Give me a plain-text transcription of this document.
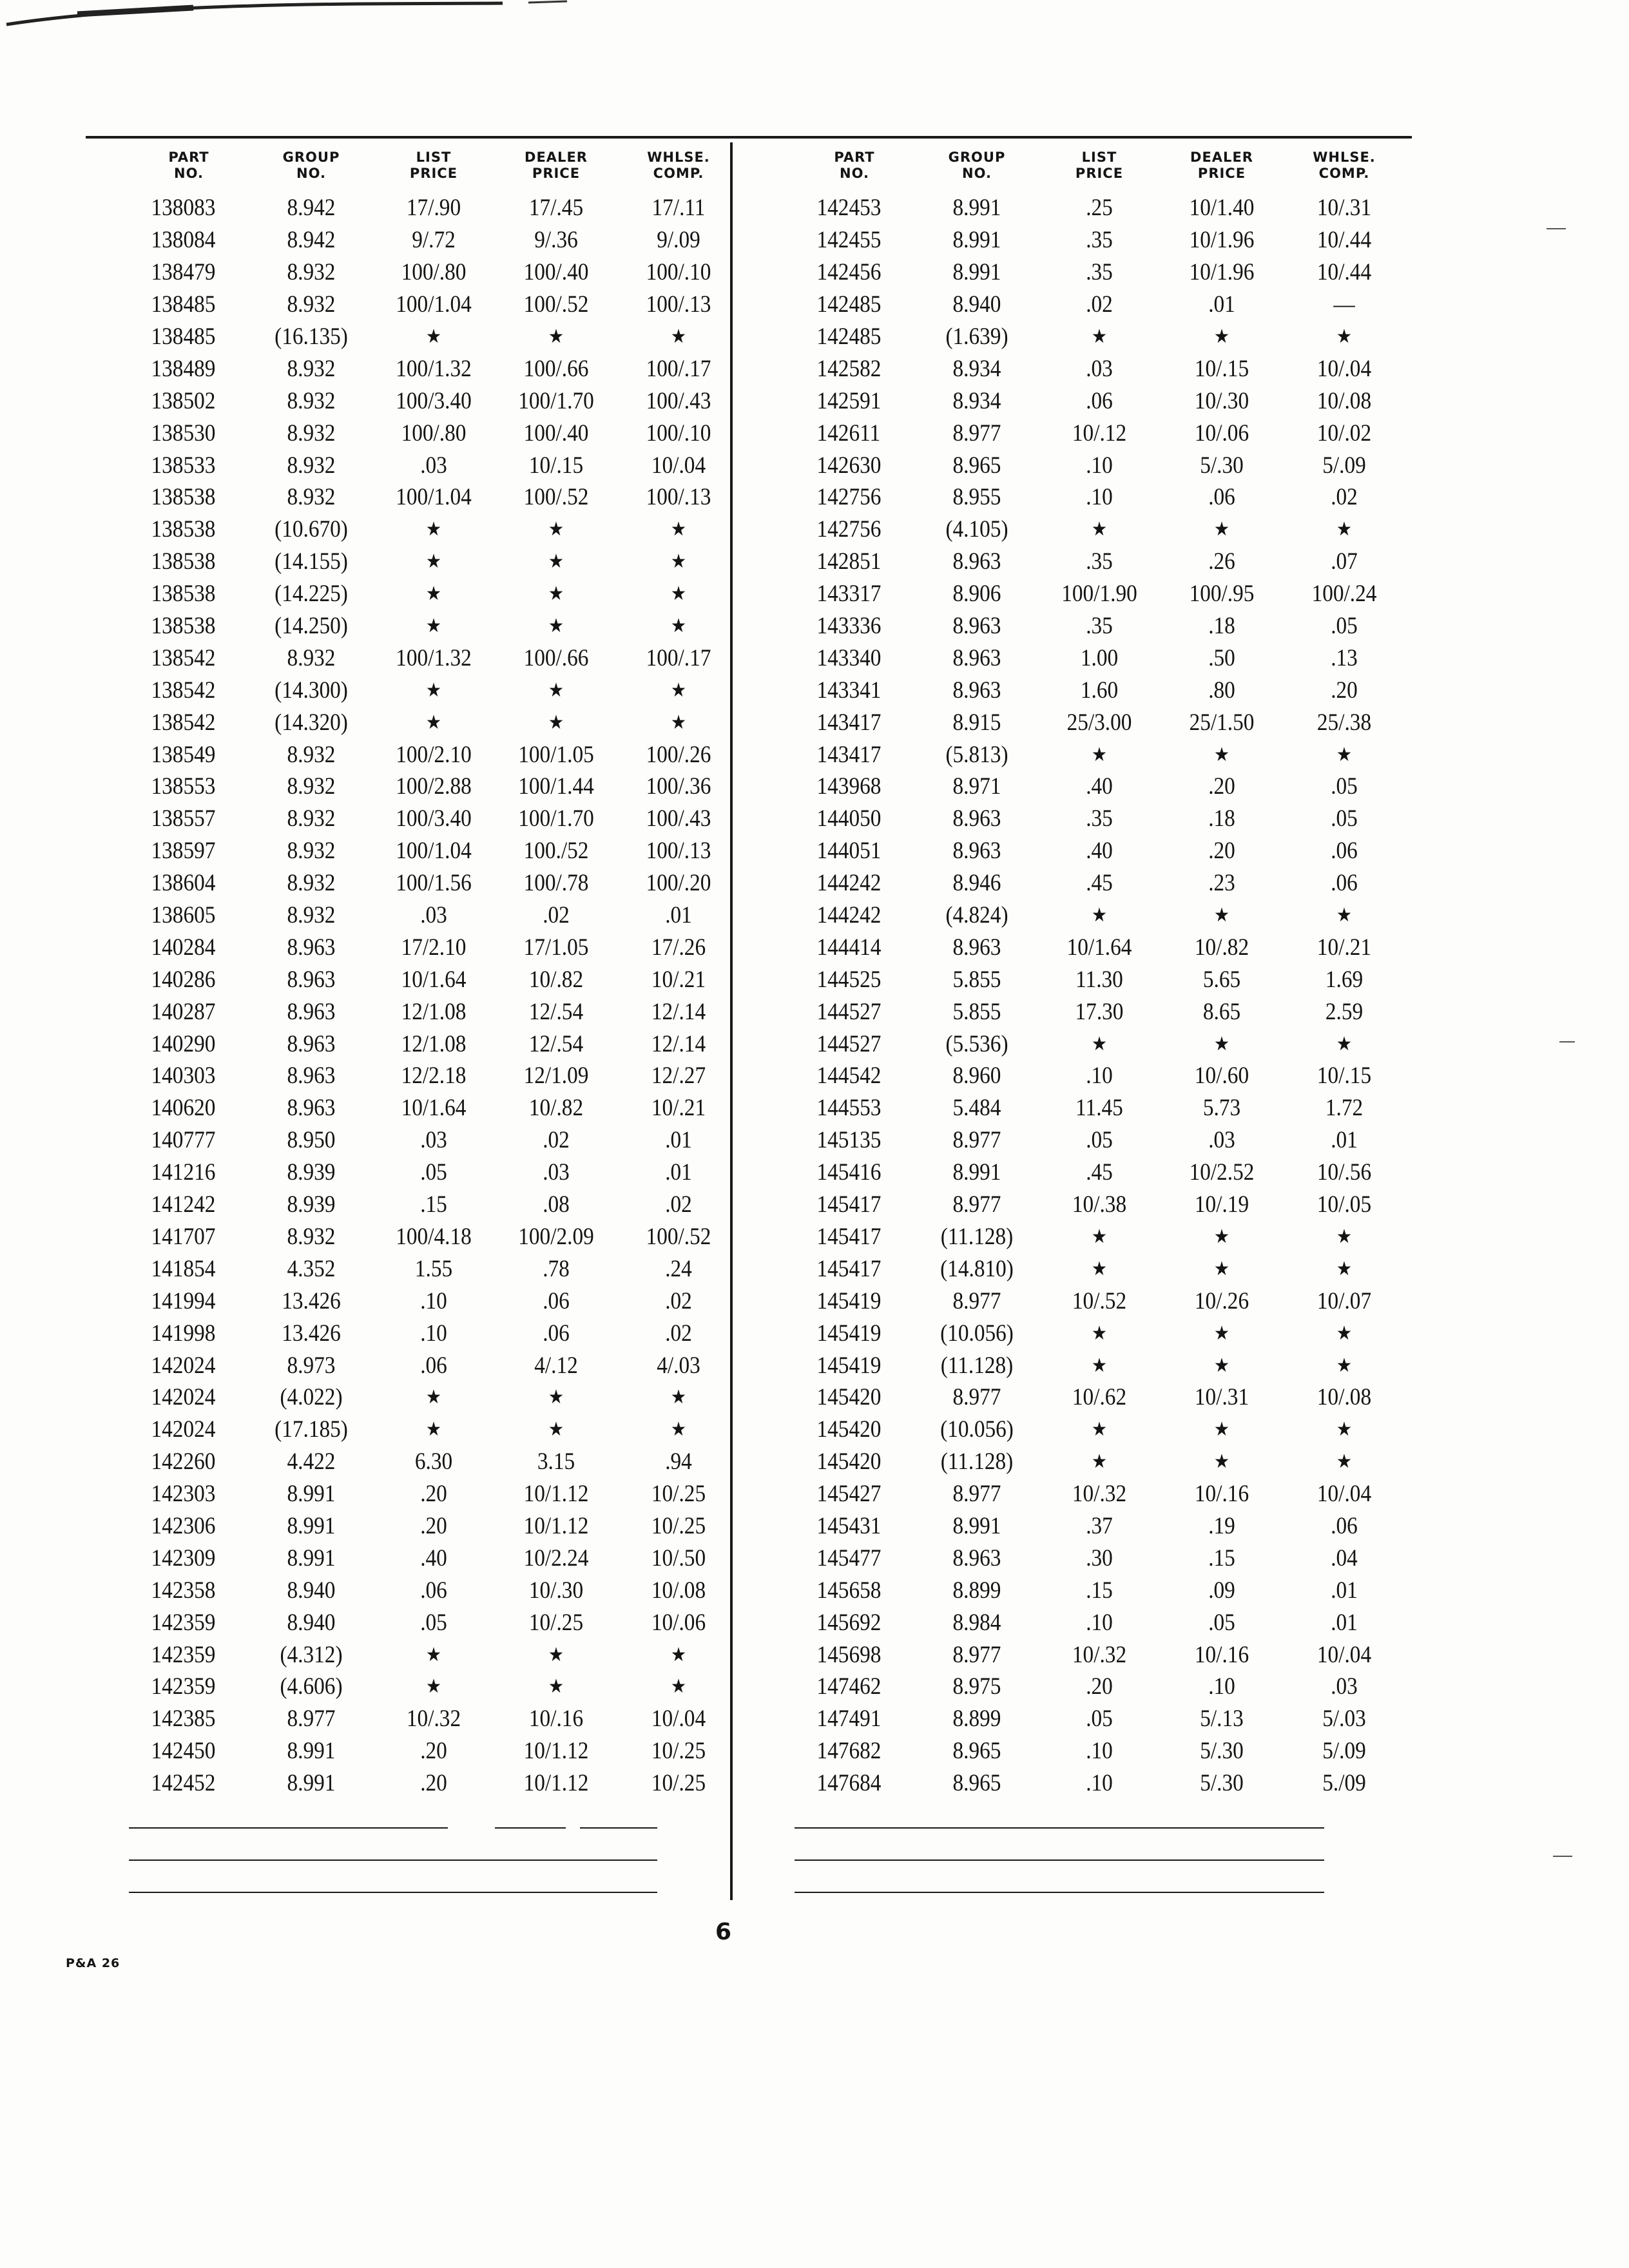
PART
NO.
GROUP
NO.
LIST
PRICE
DEALER
PRICE
WHLSE.
COMP.
138083	8.942	17/.90	17/.45	17/.11
138084	8.942	9/.72	9/.36	9/.09
138479	8.932	100/.80	100/.40	100/.10
138485	8.932	100/1.04	100/.52	100/.13
138485	(16.135)	★	★	★
138489	8.932	100/1.32	100/.66	100/.17
138502	8.932	100/3.40	100/1.70	100/.43
138530	8.932	100/.80	100/.40	100/.10
138533	8.932	.03	10/.15	10/.04
138538	8.932	100/1.04	100/.52	100/.13
138538	(10.670)	★	★	★
138538	(14.155)	★	★	★
138538	(14.225)	★	★	★
138538	(14.250)	★	★	★
138542	8.932	100/1.32	100/.66	100/.17
138542	(14.300)	★	★	★
138542	(14.320)	★	★	★
138549	8.932	100/2.10	100/1.05	100/.26
138553	8.932	100/2.88	100/1.44	100/.36
138557	8.932	100/3.40	100/1.70	100/.43
138597	8.932	100/1.04	100./52	100/.13
138604	8.932	100/1.56	100/.78	100/.20
138605	8.932	.03	.02	.01
140284	8.963	17/2.10	17/1.05	17/.26
140286	8.963	10/1.64	10/.82	10/.21
140287	8.963	12/1.08	12/.54	12/.14
140290	8.963	12/1.08	12/.54	12/.14
140303	8.963	12/2.18	12/1.09	12/.27
140620	8.963	10/1.64	10/.82	10/.21
140777	8.950	.03	.02	.01
141216	8.939	.05	.03	.01
141242	8.939	.15	.08	.02
141707	8.932	100/4.18	100/2.09	100/.52
141854	4.352	1.55	.78	.24
141994	13.426	.10	.06	.02
141998	13.426	.10	.06	.02
142024	8.973	.06	4/.12	4/.03
142024	(4.022)	★	★	★
142024	(17.185)	★	★	★
142260	4.422	6.30	3.15	.94
142303	8.991	.20	10/1.12	10/.25
142306	8.991	.20	10/1.12	10/.25
142309	8.991	.40	10/2.24	10/.50
142358	8.940	.06	10/.30	10/.08
142359	8.940	.05	10/.25	10/.06
142359	(4.312)	★	★	★
142359	(4.606)	★	★	★
142385	8.977	10/.32	10/.16	10/.04
142450	8.991	.20	10/1.12	10/.25
142452	8.991	.20	10/1.12	10/.25
PART
NO.
GROUP
NO.
LIST
PRICE
DEALER
PRICE
WHLSE.
COMP.
142453	8.991	.25	10/1.40	10/.31
142455	8.991	.35	10/1.96	10/.44
142456	8.991	.35	10/1.96	10/.44
142485	8.940	.02	.01	—
142485	(1.639)	★	★	★
142582	8.934	.03	10/.15	10/.04
142591	8.934	.06	10/.30	10/.08
142611	8.977	10/.12	10/.06	10/.02
142630	8.965	.10	5/.30	5/.09
142756	8.955	.10	.06	.02
142756	(4.105)	★	★	★
142851	8.963	.35	.26	.07
143317	8.906	100/1.90	100/.95	100/.24
143336	8.963	.35	.18	.05
143340	8.963	1.00	.50	.13
143341	8.963	1.60	.80	.20
143417	8.915	25/3.00	25/1.50	25/.38
143417	(5.813)	★	★	★
143968	8.971	.40	.20	.05
144050	8.963	.35	.18	.05
144051	8.963	.40	.20	.06
144242	8.946	.45	.23	.06
144242	(4.824)	★	★	★
144414	8.963	10/1.64	10/.82	10/.21
144525	5.855	11.30	5.65	1.69
144527	5.855	17.30	8.65	2.59
144527	(5.536)	★	★	★
144542	8.960	.10	10/.60	10/.15
144553	5.484	11.45	5.73	1.72
145135	8.977	.05	.03	.01
145416	8.991	.45	10/2.52	10/.56
145417	8.977	10/.38	10/.19	10/.05
145417	(11.128)	★	★	★
145417	(14.810)	★	★	★
145419	8.977	10/.52	10/.26	10/.07
145419	(10.056)	★	★	★
145419	(11.128)	★	★	★
145420	8.977	10/.62	10/.31	10/.08
145420	(10.056)	★	★	★
145420	(11.128)	★	★	★
145427	8.977	10/.32	10/.16	10/.04
145431	8.991	.37	.19	.06
145477	8.963	.30	.15	.04
145658	8.899	.15	.09	.01
145692	8.984	.10	.05	.01
145698	8.977	10/.32	10/.16	10/.04
147462	8.975	.20	.10	.03
147491	8.899	.05	5/.13	5/.03
147682	8.965	.10	5/.30	5/.09
147684	8.965	.10	5/.30	5./09
6
P&A 26
